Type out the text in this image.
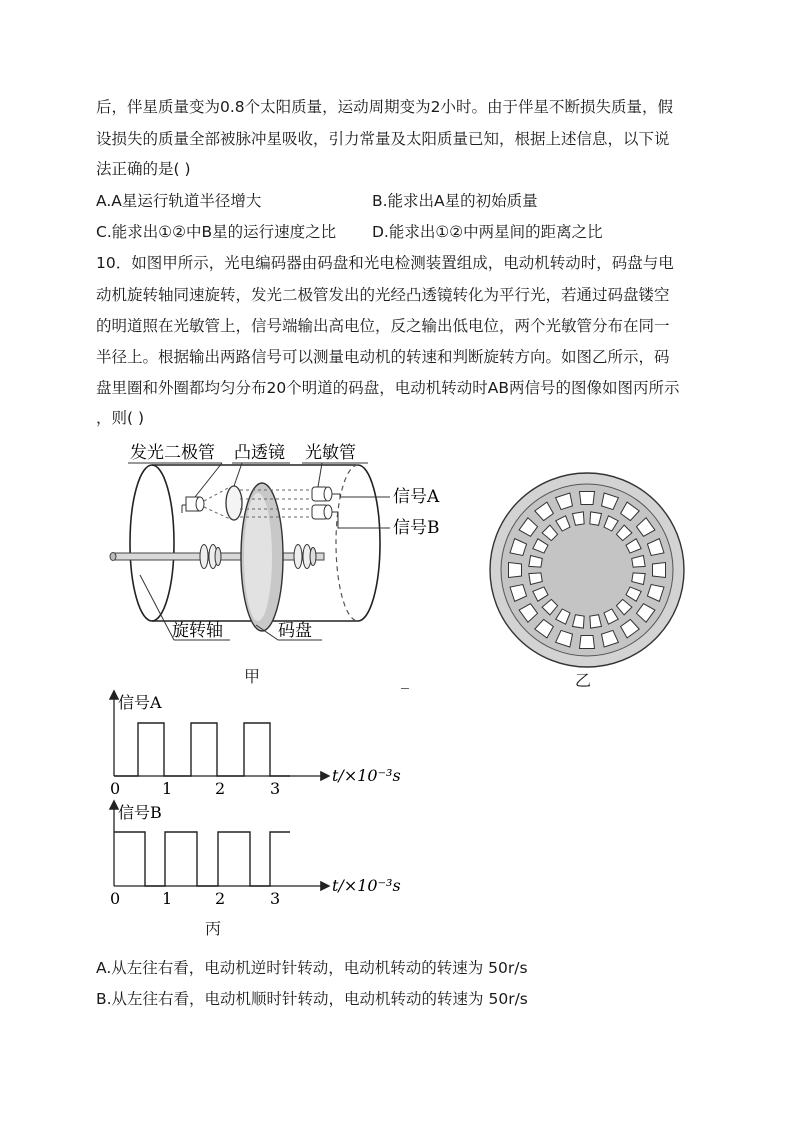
后，伴星质量变为0.8个太阳质量，运动周期变为2小时。由于伴星不断损失质量，假
设损失的质量全部被脉冲星吸收，引力常量及太阳质量已知，根据上述信息，以下说
法正确的是( )
A.A星运行轨道半径增大	B.能求出A星的初始质量
C.能求出①②中B星的运行速度之比 D.能求出①②中两星间的距离之比
10．如图甲所示，光电编码器由码盘和光电检测装置组成，电动机转动时，码盘与电
动机旋转轴同速旋转，发光二极管发出的光经凸透镜转化为平行光，若通过码盘镂空
的明道照在光敏管上，信号端输出高电位，反之输出低电位，两个光敏管分布在同一
半径上。根据输出两路信号可以测量电动机的转速和判断旋转方向。如图乙所示，码
盘里圈和外圈都均匀分布20个明道的码盘，电动机转动时AB两信号的图像如图丙所示
，则( )
发光二极管 凸透镜 光敏管
信号A
信号B
旋转轴	码盘
甲	乙
信号A
0	1	2	3
t/×10⁻³s
信号B
0	1	2	3
t/×10⁻³s
丙
A.从左往右看，电动机逆时针转动，电动机转动的转速为 50r/s
B.从左往右看，电动机顺时针转动，电动机转动的转速为 50r/s
